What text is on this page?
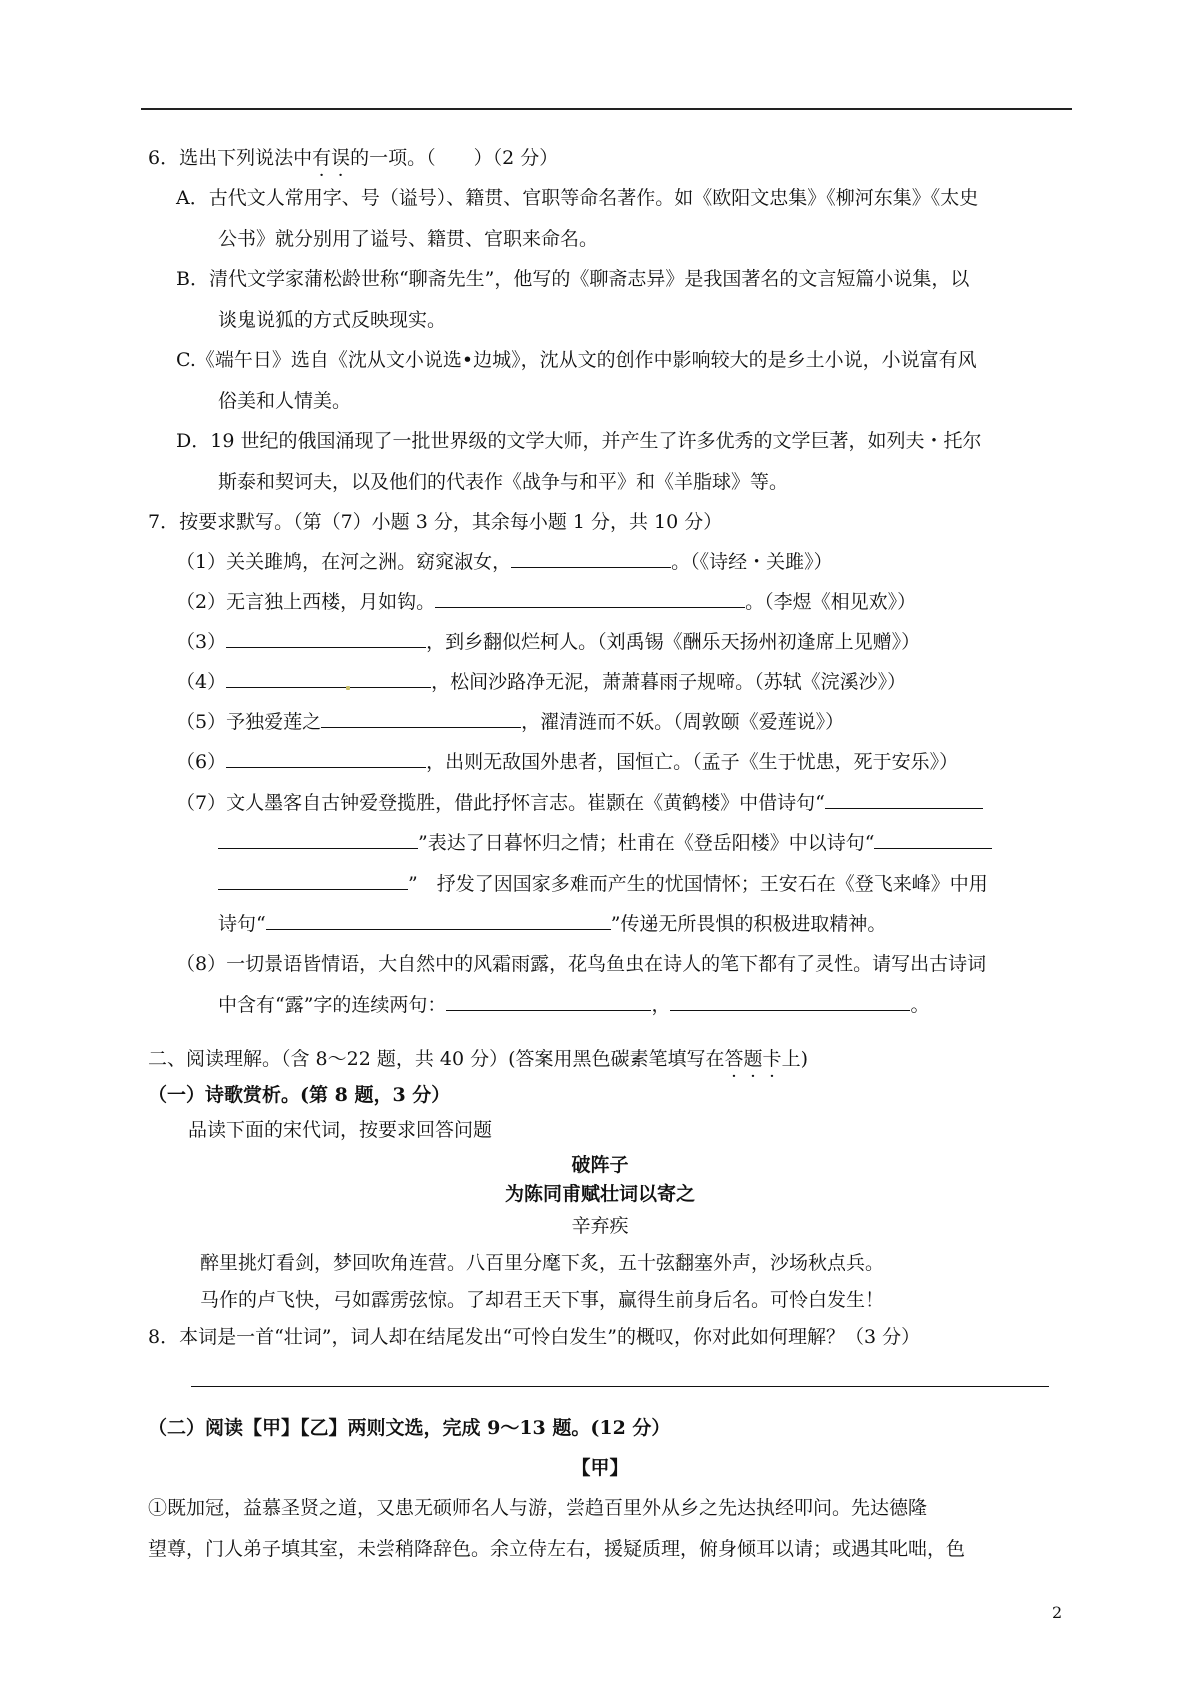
6．选出下列说法中有误的一项。（　　）（2 分）
A．古代文人常用字、号（谥号）、籍贯、官职等命名著作。如《欧阳文忠集》《柳河东集》《太史
公书》就分别用了谥号、籍贯、官职来命名。
B．清代文学家蒲松龄世称“聊斋先生”，他写的《聊斋志异》是我国著名的文言短篇小说集，以
谈鬼说狐的方式反映现实。
C.《端午日》选自《沈从文小说选•边城》，沈从文的创作中影响较大的是乡土小说，小说富有风
俗美和人情美。
D．19 世纪的俄国涌现了一批世界级的文学大师，并产生了许多优秀的文学巨著，如列夫・托尔
斯泰和契诃夫，以及他们的代表作《战争与和平》和《羊脂球》等。
7．按要求默写。（第（7）小题 3 分，其余每小题 1 分，共 10 分）
（1）关关雎鸠，在河之洲。窈窕淑女，	。（《诗经・关雎》）
（2）无言独上西楼，月如钩。	。（李煜《相见欢》）
（3）	，到乡翻似烂柯人。（刘禹锡《酬乐天扬州初逢席上见赠》）
（4）	，松间沙路净无泥，萧萧暮雨子规啼。（苏轼《浣溪沙》）
（5）予独爱莲之	，濯清涟而不妖。（周敦颐《爱莲说》）
（6）	，出则无敌国外患者，国恒亡。（孟子《生于忧患，死于安乐》）
（7）文人墨客自古钟爱登揽胜，借此抒怀言志。崔颢在《黄鹤楼》中借诗句“
”表达了日暮怀归之情；杜甫在《登岳阳楼》中以诗句“
”　抒发了因国家多难而产生的忧国情怀；王安石在《登飞来峰》中用
诗句“	”传递无所畏惧的积极进取精神。
（8）一切景语皆情语，大自然中的风霜雨露，花鸟鱼虫在诗人的笔下都有了灵性。请写出古诗词
中含有“露”字的连续两句：	，	。
二、阅读理解。（含 8～22 题，共 40 分）(答案用黑色碳素笔填写在答题卡上)
（一）诗歌赏析。(第 8 题，3 分）
品读下面的宋代词，按要求回答问题
破阵子
为陈同甫赋壮词以寄之
辛弃疾
醉里挑灯看剑，梦回吹角连营。八百里分麾下炙，五十弦翻塞外声，沙场秋点兵。
马作的卢飞快，弓如霹雳弦惊。了却君王天下事，赢得生前身后名。可怜白发生！
8．本词是一首“壮词”，词人却在结尾发出“可怜白发生”的概叹，你对此如何理解？（3 分）
（二）阅读【甲】【乙】两则文选，完成 9～13 题。(12 分）
【甲】
①既加冠，益慕圣贤之道，又患无硕师名人与游，尝趋百里外从乡之先达执经叩问。先达德隆
望尊，门人弟子填其室，未尝稍降辞色。余立侍左右，援疑质理，俯身倾耳以请；或遇其叱咄，色
2
